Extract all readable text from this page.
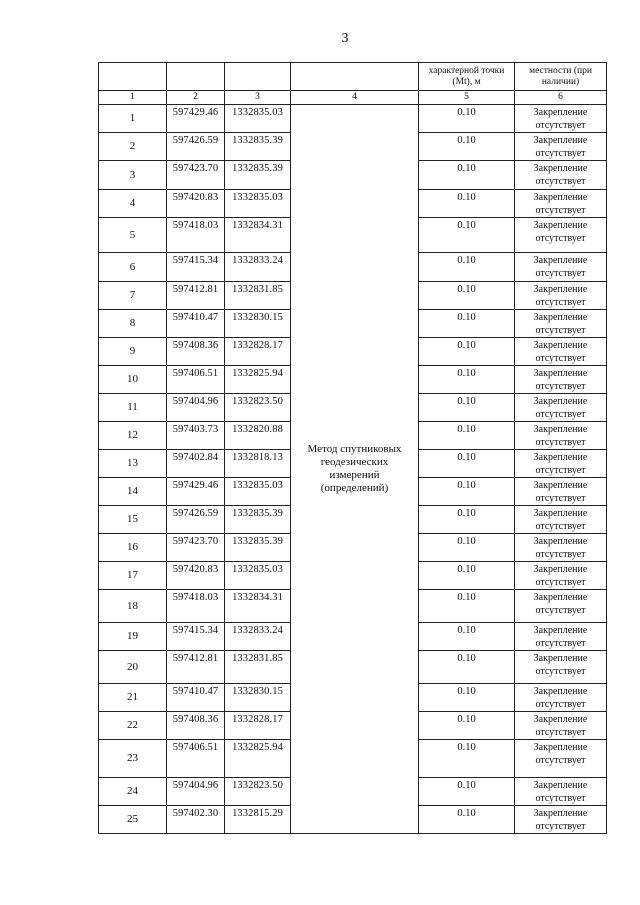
3
				характерной точки (Mt), м	местности (при наличии)
1	2	3	4	5	6
1	597429.46	1332835.03	Метод спутниковых геодезических измерений (определений)	0.10	Закрепление отсутствует
2	597426.59	1332835.39		0.10	Закрепление отсутствует
3	597423.70	1332835.39		0.10	Закрепление отсутствует
4	597420.83	1332835.03		0.10	Закрепление отсутствует
5	597418.03	1332834.31		0.10	Закрепление отсутствует
6	597415.34	1332833.24		0.10	Закрепление отсутствует
7	597412.81	1332831.85		0.10	Закрепление отсутствует
8	597410.47	1332830.15		0.10	Закрепление отсутствует
9	597408.36	1332828.17		0.10	Закрепление отсутствует
10	597406.51	1332825.94		0.10	Закрепление отсутствует
11	597404.96	1332823.50		0.10	Закрепление отсутствует
12	597403.73	1332820.88		0.10	Закрепление отсутствует
13	597402.84	1332818.13		0.10	Закрепление отсутствует
14	597429.46	1332835.03		0.10	Закрепление отсутствует
15	597426.59	1332835.39		0.10	Закрепление отсутствует
16	597423.70	1332835.39		0.10	Закрепление отсутствует
17	597420.83	1332835.03		0.10	Закрепление отсутствует
18	597418.03	1332834.31		0.10	Закрепление отсутствует
19	597415.34	1332833.24		0.10	Закрепление отсутствует
20	597412.81	1332831.85		0.10	Закрепление отсутствует
21	597410.47	1332830.15		0.10	Закрепление отсутствует
22	597408.36	1332828.17		0.10	Закрепление отсутствует
23	597406.51	1332825.94		0.10	Закрепление отсутствует
24	597404.96	1332823.50		0.10	Закрепление отсутствует
25	597402.30	1332815.29		0.10	Закрепление отсутствует
